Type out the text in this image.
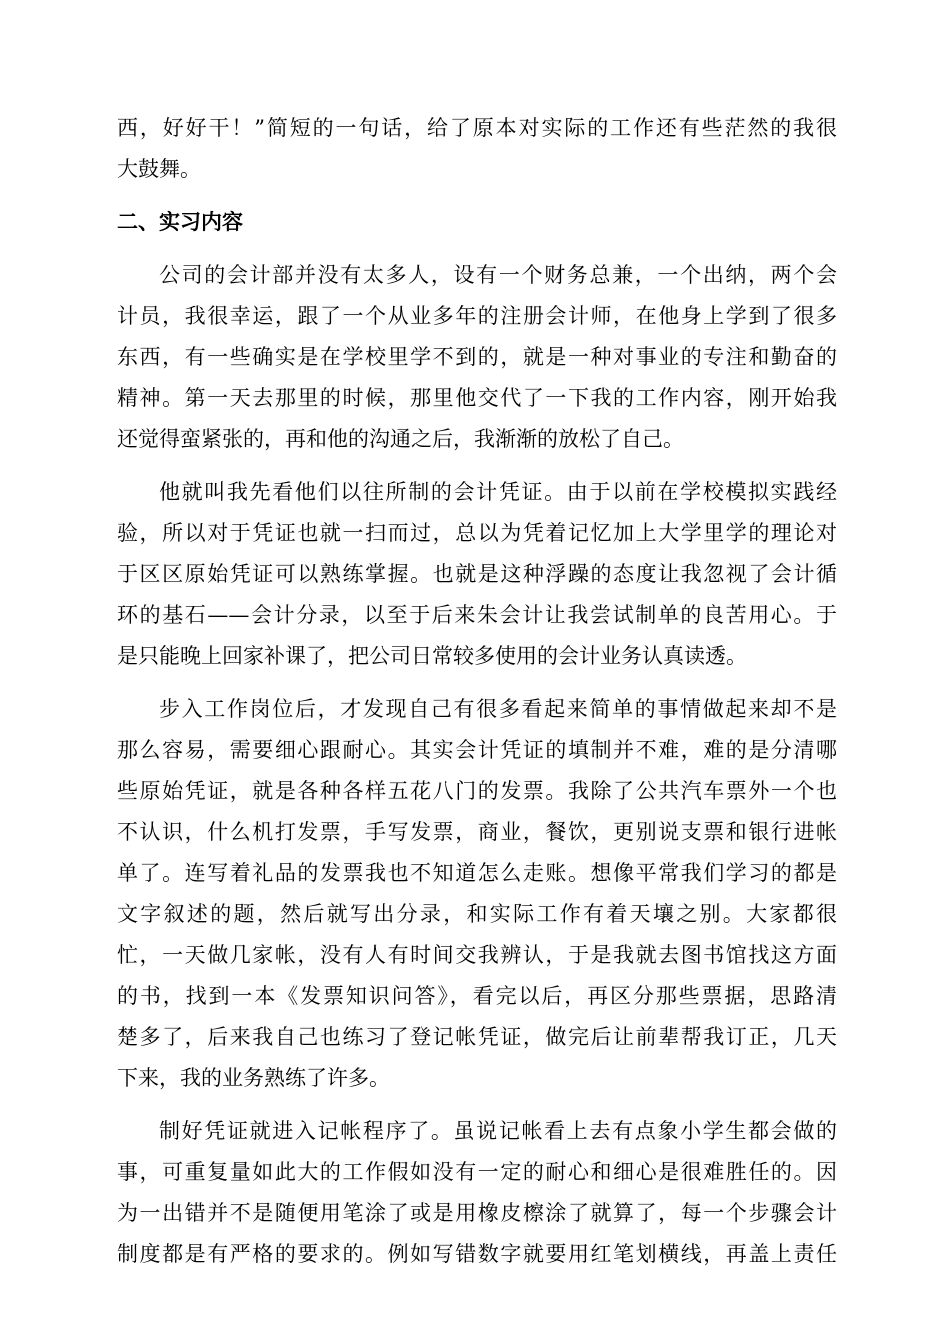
西，好好干！”简短的一句话，给了原本对实际的工作还有些茫然的我很
大鼓舞。
二、实习内容
公司的会计部并没有太多人，设有一个财务总兼，一个出纳，两个会
计员，我很幸运，跟了一个从业多年的注册会计师，在他身上学到了很多
东西，有一些确实是在学校里学不到的，就是一种对事业的专注和勤奋的
精神。第一天去那里的时候，那里他交代了一下我的工作内容，刚开始我
还觉得蛮紧张的，再和他的沟通之后，我渐渐的放松了自己。
他就叫我先看他们以往所制的会计凭证。由于以前在学校模拟实践经
验，所以对于凭证也就一扫而过，总以为凭着记忆加上大学里学的理论对
于区区原始凭证可以熟练掌握。也就是这种浮躁的态度让我忽视了会计循
环的基石——会计分录，以至于后来朱会计让我尝试制单的良苦用心。于
是只能晚上回家补课了，把公司日常较多使用的会计业务认真读透。
步入工作岗位后，才发现自己有很多看起来简单的事情做起来却不是
那么容易，需要细心跟耐心。其实会计凭证的填制并不难，难的是分清哪
些原始凭证，就是各种各样五花八门的发票。我除了公共汽车票外一个也
不认识，什么机打发票，手写发票，商业，餐饮，更别说支票和银行进帐
单了。连写着礼品的发票我也不知道怎么走账。想像平常我们学习的都是
文字叙述的题，然后就写出分录，和实际工作有着天壤之别。大家都很
忙，一天做几家帐，没有人有时间交我辨认，于是我就去图书馆找这方面
的书，找到一本《发票知识问答》，看完以后，再区分那些票据，思路清
楚多了，后来我自己也练习了登记帐凭证，做完后让前辈帮我订正，几天
下来，我的业务熟练了许多。
制好凭证就进入记帐程序了。虽说记帐看上去有点象小学生都会做的
事，可重复量如此大的工作假如没有一定的耐心和细心是很难胜任的。因
为一出错并不是随便用笔涂了或是用橡皮檫涂了就算了，每一个步骤会计
制度都是有严格的要求的。例如写错数字就要用红笔划横线，再盖上责任
